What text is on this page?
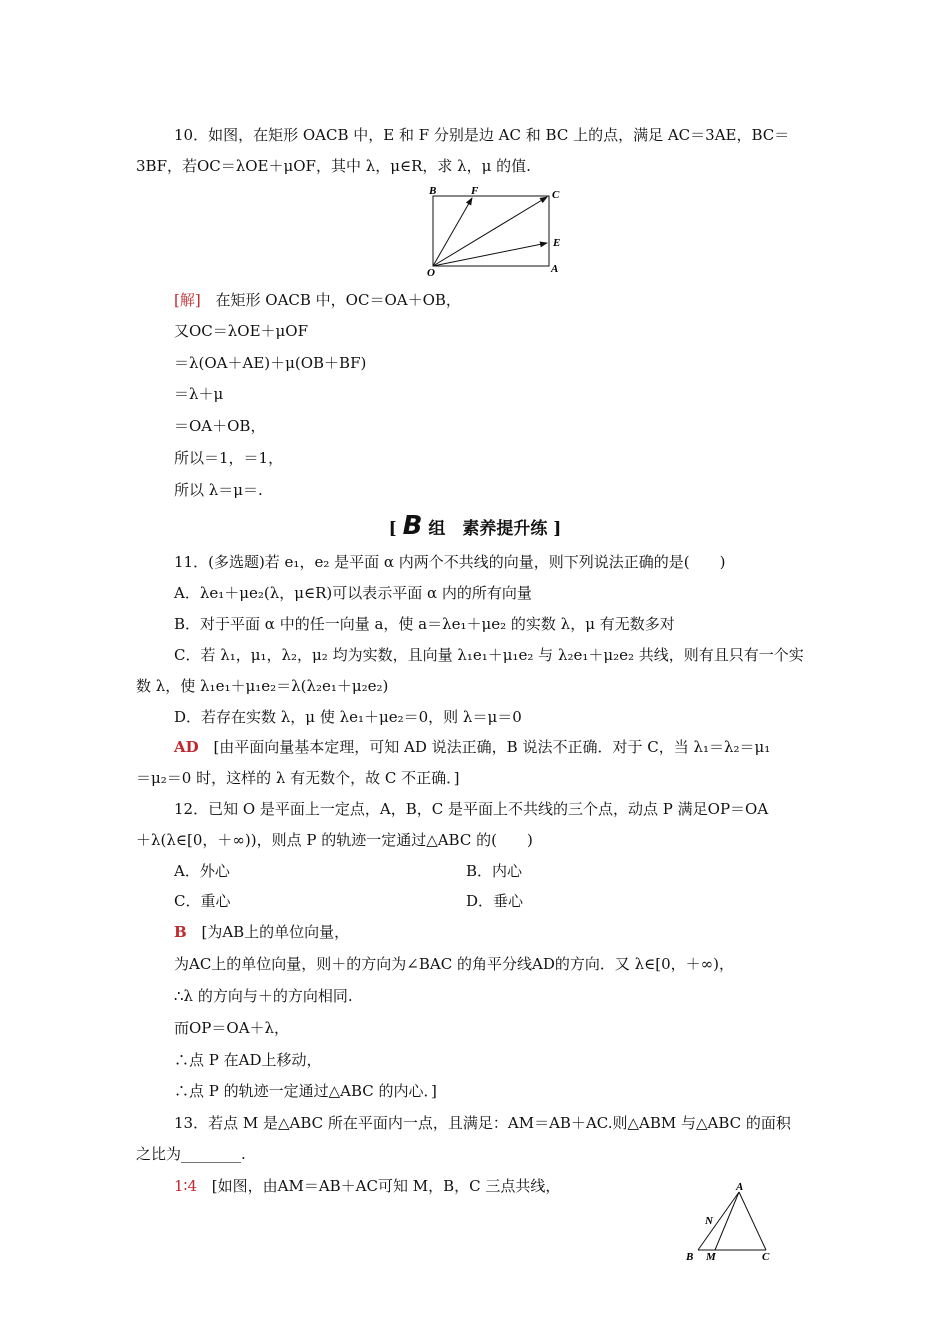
10．如图，在矩形 OACB 中，E 和 F 分别是边 AC 和 BC 上的点，满足 AC＝3AE，BC＝
3BF，若OC＝λOE＋μOF，其中 λ，μ∈R，求 λ，μ 的值.
B	F	C
E
O	A
[解] 在矩形 OACB 中，OC＝OA＋OB，
又OC＝λOE＋μOF
＝λ(OA＋AE)＋μ(OB＋BF)
＝λ＋μ
＝OA＋OB，
所以＝1，＝1，
所以 λ＝μ＝.
[ B 组　素养提升练 ]
11．(多选题)若 e₁，e₂ 是平面 α 内两个不共线的向量，则下列说法正确的是(　　)
A．λe₁＋μe₂(λ，μ∈R)可以表示平面 α 内的所有向量
B．对于平面 α 中的任一向量 a，使 a＝λe₁＋μe₂ 的实数 λ，μ 有无数多对
C．若 λ₁，μ₁，λ₂，μ₂ 均为实数，且向量 λ₁e₁＋μ₁e₂ 与 λ₂e₁＋μ₂e₂ 共线，则有且只有一个实
数 λ，使 λ₁e₁＋μ₁e₂＝λ(λ₂e₁＋μ₂e₂)
D．若存在实数 λ，μ 使 λe₁＋μe₂＝0，则 λ＝μ＝0
AD [由平面向量基本定理，可知 AD 说法正确，B 说法不正确．对于 C，当 λ₁＝λ₂＝μ₁
＝μ₂＝0 时，这样的 λ 有无数个，故 C 不正确．]
12．已知 O 是平面上一定点，A，B，C 是平面上不共线的三个点，动点 P 满足OP＝OA
＋λ(λ∈[0，＋∞))，则点 P 的轨迹一定通过△ABC 的(　　)
A．外心	B．内心
C．重心	D．垂心
B [为AB上的单位向量，
为AC上的单位向量，则＋的方向为∠BAC 的角平分线AD的方向．又 λ∈[0，＋∞)，
∴λ 的方向与＋的方向相同.
而OP＝OA＋λ，
∴点 P 在AD上移动，
∴点 P 的轨迹一定通过△ABC 的内心．]
13．若点 M 是△ABC 所在平面内一点，且满足：AM＝AB＋AC.则△ABM 与△ABC 的面积
之比为________.
1∶4 [如图，由AM＝AB＋AC可知 M，B，C 三点共线，	A
N
B M	C
